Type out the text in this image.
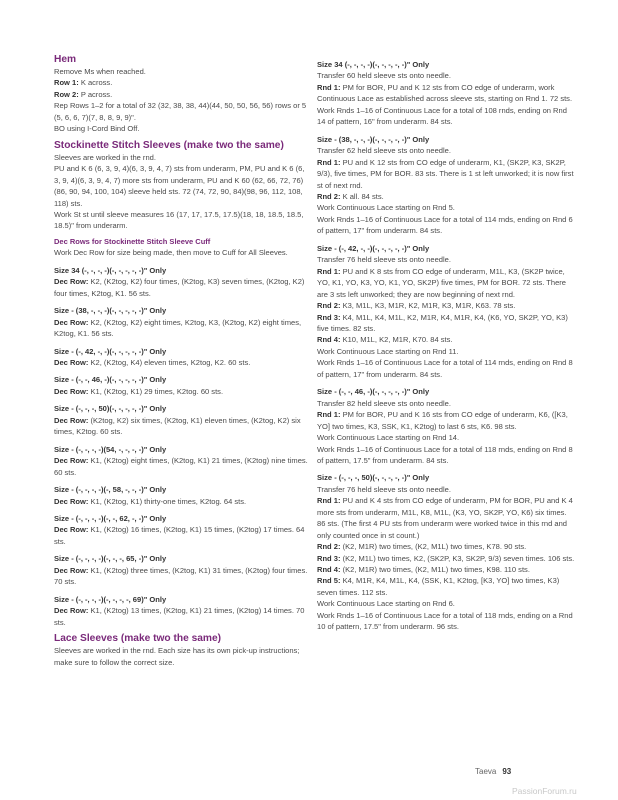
Hem

Remove Ms when reached.

Row 1: K across.

Row 2: P across.

Rep Rows 1–2 for a total of 32 (32, 38, 38, 44)(44, 50, 50, 56, 56) rows or 5 (5, 6, 6, 7)(7, 8, 8, 9, 9)".

BO using I-Cord Bind Off.

Stockinette Stitch Sleeves (make two the same)

Sleeves are worked in the rnd.

PU and K 6 (6, 3, 9, 4)(6, 3, 9, 4, 7) sts from underarm, PM, PU and K 6 (6, 3, 9, 4)(6, 3, 9, 4, 7) more sts from underarm, PU and K 60 (62, 66, 72, 76)(86, 90, 94, 100, 104) sleeve held sts. 72 (74, 72, 90, 84)(98, 96, 112, 108, 118) sts.

Work St st until sleeve measures 16 (17, 17, 17.5, 17.5)(18, 18, 18.5, 18.5, 18.5)" from underarm.

Dec Rows for Stockinette Stitch Sleeve Cuff

Work Dec Row for size being made, then move to Cuff for All Sleeves.

Size 34 (-, -, -, -)(-, -, -, -, -)" Only

Dec Row: K2, (K2tog, K2) four times, (K2tog, K3) seven times, (K2tog, K2) four times, K2tog, K1. 56 sts.

Size - (38, -, -, -)(-, -, -, -, -)" Only

Dec Row: K2, (K2tog, K2) eight times, K2tog, K3, (K2tog, K2) eight times, K2tog, K1. 56 sts.

Size - (-, 42, -, -)(-, -, -, -, -)" Only

Dec Row: K2, (K2tog, K4) eleven times, K2tog, K2. 60 sts.

Size - (-, -, 46, -)(-, -, -, -, -)" Only

Dec Row: K1, (K2tog, K1) 29 times, K2tog. 60 sts.

Size - (-, -, -, 50)(-, -, -, -, -)" Only

Dec Row: (K2tog, K2) six times, (K2tog, K1) eleven times, (K2tog, K2) six times, K2tog. 60 sts.

Size - (-, -, -, -)(54, -, -, -, -)" Only

Dec Row: K1, (K2tog) eight times, (K2tog, K1) 21 times, (K2tog) nine times. 60 sts.

Size - (-, -, -, -)(-, 58, -, -, -)" Only

Dec Row: K1, (K2tog, K1) thirty-one times, K2tog. 64 sts.

Size - (-, -, -, -)(-, -, 62, -, -)" Only

Dec Row: K1, (K2tog) 16 times, (K2tog, K1) 15 times, (K2tog) 17 times. 64 sts.

Size - (-, -, -, -)(-, -, -, 65, -)" Only

Dec Row: K1, (K2tog) three times, (K2tog, K1) 31 times, (K2tog) four times. 70 sts.

Size - (-, -, -, -)(-, -, -, -, 69)" Only

Dec Row: K1, (K2tog) 13 times, (K2tog, K1) 21 times, (K2tog) 14 times. 70 sts.

Lace Sleeves (make two the same)

Sleeves are worked in the rnd. Each size has its own pick-up instructions; make sure to follow the correct size.

Size 34 (-, -, -, -)(-, -, -, -, -)" Only

Transfer 60 held sleeve sts onto needle.

Rnd 1: PM for BOR, PU and K 12 sts from CO edge of underarm, work Continuous Lace as established across sleeve sts, starting on Rnd 1. 72 sts.

Work Rnds 1–16 of Continuous Lace for a total of 108 rnds, ending on Rnd 14 of pattern, 16" from underarm. 84 sts.

Size - (38, -, -, -)(-, -, -, -, -)" Only

Transfer 62 held sleeve sts onto needle.

Rnd 1: PU and K 12 sts from CO edge of underarm, K1, (SK2P, K3, SK2P, 9/3), five times, PM for BOR. 83 sts. There is 1 st left unworked; it is now first st of next rnd.

Rnd 2: K all. 84 sts.

Work Continuous Lace starting on Rnd 5.

Work Rnds 1–16 of Continuous Lace for a total of 114 rnds, ending on Rnd 6 of pattern, 17" from underarm. 84 sts.

Size - (-, 42, -, -)(-, -, -, -, -)" Only

Transfer 76 held sleeve sts onto needle.

Rnd 1: PU and K 8 sts from CO edge of underarm, M1L, K3, (SK2P twice, YO, K1, YO, K3, YO, K1, YO, SK2P) five times, PM for BOR. 72 sts. There are 3 sts left unworked; they are now beginning of next rnd.

Rnd 2: K3, M1L, K3, M1R, K2, M1R, K3, M1R, K63. 78 sts.

Rnd 3: K4, M1L, K4, M1L, K2, M1R, K4, M1R, K4, (K6, YO, SK2P, YO, K3) five times. 82 sts.

Rnd 4: K10, M1L, K2, M1R, K70. 84 sts.

Work Continuous Lace starting on Rnd 11.

Work Rnds 1–16 of Continuous Lace for a total of 114 rnds, ending on Rnd 8 of pattern, 17" from underarm. 84 sts.

Size - (-, -, 46, -)(-, -, -, -, -)" Only

Transfer 82 held sleeve sts onto needle.

Rnd 1: PM for BOR, PU and K 16 sts from CO edge of underarm, K6, ([K3, YO] two times, K3, SSK, K1, K2tog) to last 6 sts, K6. 98 sts.

Work Continuous Lace starting on Rnd 14.

Work Rnds 1–16 of Continuous Lace for a total of 118 rnds, ending on Rnd 8 of pattern, 17.5" from underarm. 84 sts.

Size - (-, -, -, 50)(-, -, -, -, -)" Only

Transfer 76 held sleeve sts onto needle.

Rnd 1: PU and K 4 sts from CO edge of underarm, PM for BOR, PU and K 4 more sts from underarm, M1L, K8, M1L, (K3, YO, SK2P, YO, K6) six times. 86 sts. (The first 4 PU sts from underarm were worked twice in this rnd and only counted once in st count.)

Rnd 2: (K2, M1R) two times, (K2, M1L) two times, K78. 90 sts.

Rnd 3: (K2, M1L) two times, K2, (SK2P, K3, SK2P, 9/3) seven times. 106 sts.

Rnd 4: (K2, M1R) two times, (K2, M1L) two times, K98. 110 sts.

Rnd 5: K4, M1R, K4, M1L, K4, (SSK, K1, K2tog, [K3, YO] two times, K3) seven times. 112 sts.

Work Continuous Lace starting on Rnd 6.

Work Rnds 1–16 of Continuous Lace for a total of 118 rnds, ending on a Rnd 10 of pattern, 17.5" from underarm. 96 sts.

Taeva 93
PassionForum.ru
